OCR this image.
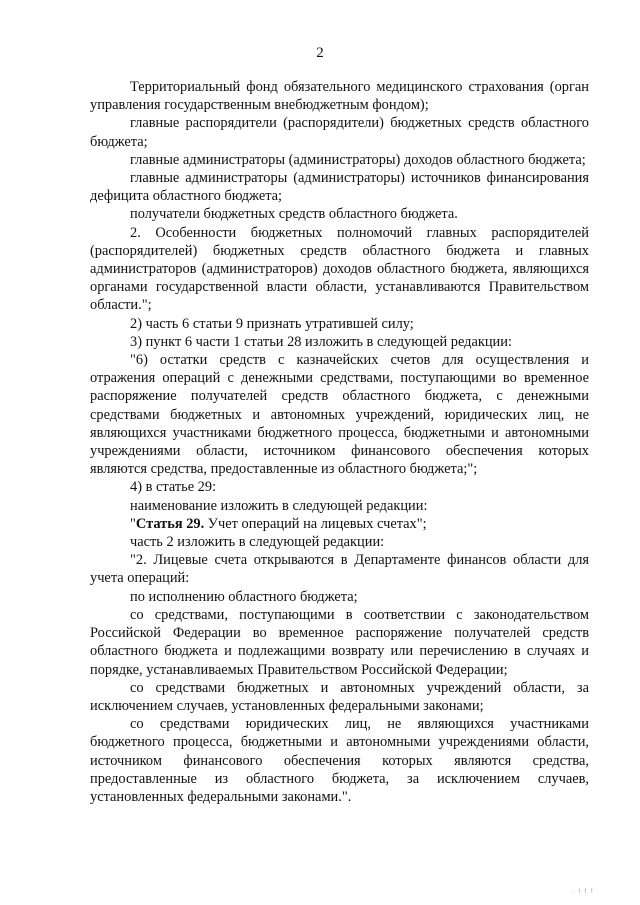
2

Территориальный фонд обязательного медицинского страхования (орган управления государственным внебюджетным фондом);

главные распорядители (распорядители) бюджетных средств областного бюджета;

главные администраторы (администраторы) доходов областного бюджета;

главные администраторы (администраторы) источников финансирования дефицита областного бюджета;

получатели бюджетных средств областного бюджета.

2. Особенности бюджетных полномочий главных распорядителей (распорядителей) бюджетных средств областного бюджета и главных администраторов (администраторов) доходов областного бюджета, являющихся органами государственной власти области, устанавливаются Правительством области.";

2) часть 6 статьи 9 признать утратившей силу;

3) пункт 6 части 1 статьи 28 изложить в следующей редакции:

"6) остатки средств с казначейских счетов для осуществления и отражения операций с денежными средствами, поступающими во временное распоряжение получателей средств областного бюджета, с денежными средствами бюджетных и автономных учреждений, юридических лиц, не являющихся участниками бюджетного процесса, бюджетными и автономными учреждениями области, источником финансового обеспечения которых являются средства, предоставленные из областного бюджета;";

4) в статье 29:

наименование изложить в следующей редакции:

"Статья 29. Учет операций на лицевых счетах";

часть 2 изложить в следующей редакции:

"2. Лицевые счета открываются в Департаменте финансов области для учета операций:

по исполнению областного бюджета;

со средствами, поступающими в соответствии с законодательством Российской Федерации во временное распоряжение получателей средств областного бюджета и подлежащими возврату или перечислению в случаях и порядке, устанавливаемых Правительством Российской Федерации;

со средствами бюджетных и автономных учреждений области, за исключением случаев, установленных федеральными законами;

со средствами юридических лиц, не являющихся участниками бюджетного процесса, бюджетными и автономными учреждениями области, источником финансового обеспечения которых являются средства, предоставленные из областного бюджета, за исключением случаев, установленных федеральными законами.".

. ! ! !
